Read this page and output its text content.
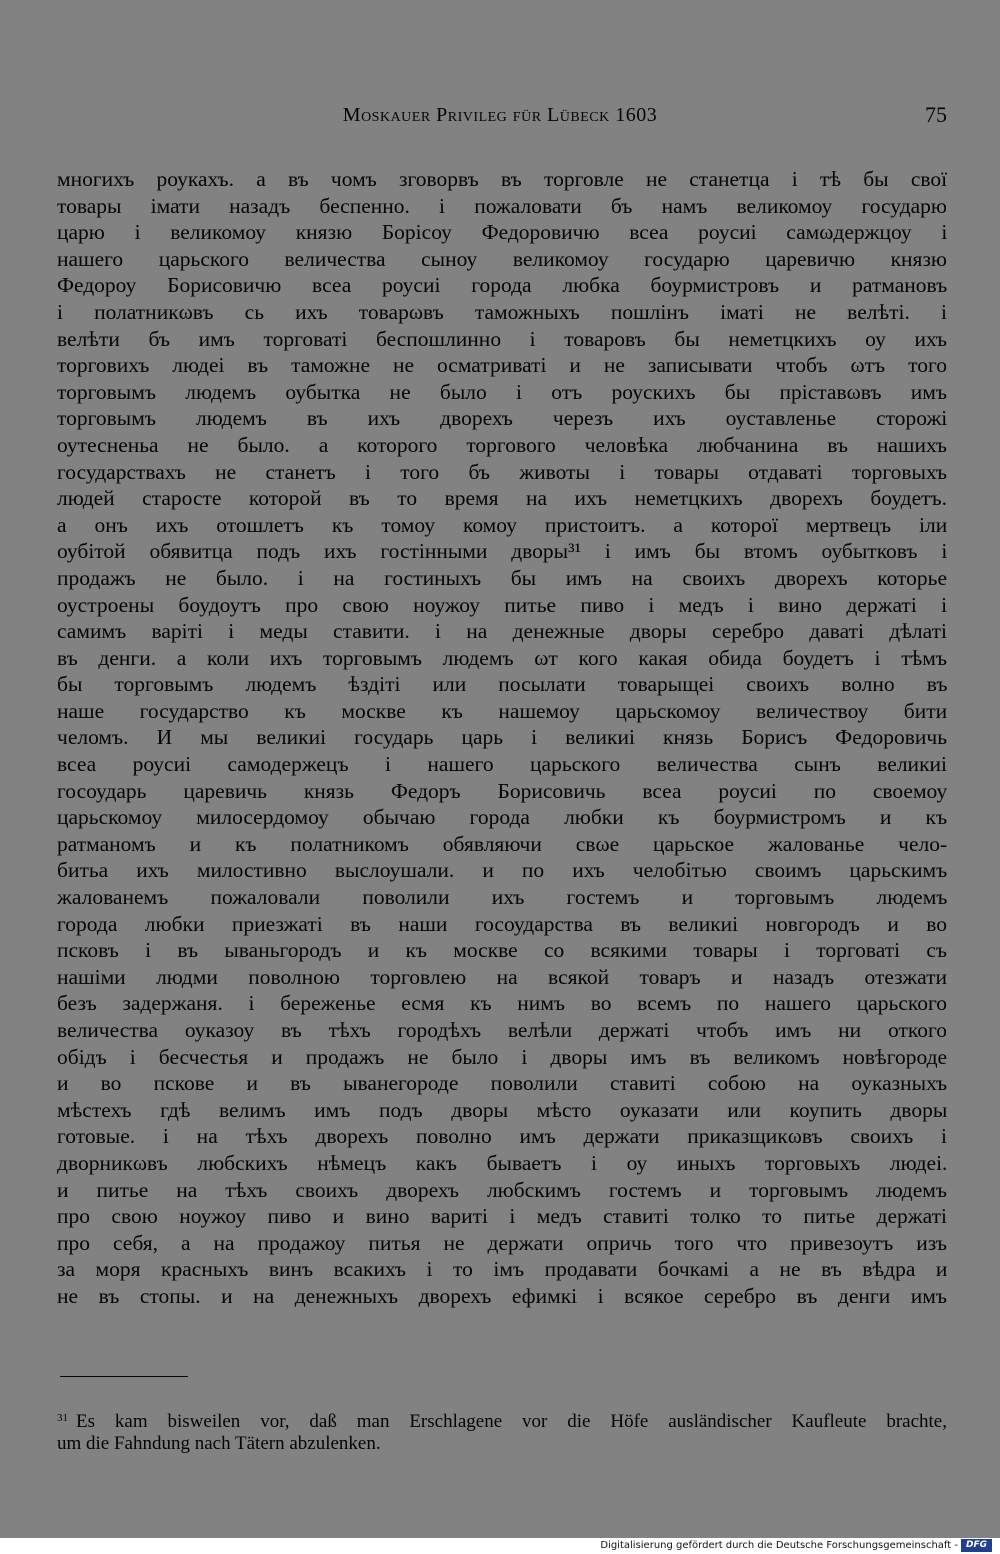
Moskauer Privileg für Lübeck 1603	75
многихъ роукахъ. а въ чомъ зговорвъ въ торговле не станетца і тѣ бы свої
товары імати назадъ беспенно. і пожаловати бъ намъ великомоу государю
царю і великомоу князю Борісоу Федоровичю всеа роусиі самωдержцоу і
нашего царьского величества сыноу великомоу государю царевичю князю
Федороу Борисовичю всеа роусиі города любка боурмистровъ и ратмановъ
і полатникωвъ сь ихъ товарωвъ таможныхъ пошлінъ іматі не велѣті. і
велѣти бъ имъ торговаті беспошлинно і товаровъ бы неметцкихъ оу ихъ
торговихъ людеі въ таможне не осматриваті и не записывати чтобъ ωтъ того
торговымъ людемъ оубытка не было і отъ роускихъ бы прiставωвъ имъ
торговымъ людемъ въ ихъ дворехъ черезъ ихъ оуставленье сторожі
оутесненьа не было. а которого торгового человѣка любчанина въ нашихъ
государствахъ не станетъ і того бъ животы і товары отдаваті торговыхъ
людей старосте которой въ то время на ихъ неметцкихъ дворехъ боудетъ.
а онъ ихъ отошлетъ къ томоу комоу пристоитъ. а которої мертвецъ іли
оубітой обявитца подъ ихъ гостінными дворы³¹ і имъ бы втомъ оубытковъ і
продажъ не было. і на гостиныхъ бы имъ на своихъ дворехъ которье
оустроены боудоутъ про свою ноужоу питье пиво і медъ і вино держаті і
самимъ варіті і меды ставити. і на денежные дворы серебро даваті дѣлаті
въ денги. а коли ихъ торговымъ людемъ ωт кого какая обида боудетъ і тѣмъ
бы торговымъ людемъ ѣздіті или посылати товарыщеі своихъ волно въ
наше государство къ москве къ нашемоу царьскомоу величествоу бити
челомъ. И мы великиі государь царь і великиі князь Борисъ Федоровичь
всеа роусиі самодержецъ і нашего царьского величества сынъ великиі
госоударь царевичь князь Федоръ Борисовичь всеа роусиі по своемоу
царьскомоу милосердомоу обычаю города любки къ боурмистромъ и къ
ратманомъ и къ полатникомъ обявляючи свωе царьское жалованье чело-
битьа ихъ милостивно выслоушали. и по ихъ челобітью своимъ царьскимъ
жалованемъ пожаловали поволили ихъ гостемъ и торговымъ людемъ
города любки приезжаті въ наши госоударства въ великиі новгородъ и во
псковъ і въ ываньгородъ и къ москве со всякими товары і торговаті съ
нашіми людми поволною торговлею на всякой товаръ и назадъ отезжати
безъ задержаня. і береженье есмя къ нимъ во всемъ по нашего царьского
величества оуказоу въ тѣхъ городѣхъ велѣли держаті чтобъ имъ ни откого
обідъ і бесчестья и продажъ не было і дворы имъ въ великомъ новѣгороде
и во пскове и въ ыванегороде поволили ставиті собою на оуказныхъ
мѣстехъ гдѣ велимъ имъ подъ дворы мѣсто оуказати или коупить дворы
готовые. і на тѣхъ дворехъ поволно имъ держати приказщикωвъ своихъ і
дворникωвъ любскихъ нѣмецъ какъ бываетъ і оу иныхъ торговыхъ людеі.
и питье на тѣхъ своихъ дворехъ любскимъ гостемъ и торговымъ людемъ
про свою ноужоу пиво и вино вариті і медъ ставиті толко то питье держаті
про себя, а на продажоу питья не держати опричь того что привезоутъ изъ
за моря красныхъ винъ всакихъ і то імъ продавати бочкамі а не въ вѣдра и
не въ стопы. и на денежныхъ дворехъ ефимкі і всякое серебро въ денги имъ
$^{31}$ Es kam bisweilen vor, daß man Erschlagene vor die Höfe ausländischer Kaufleute brachte,
um die Fahndung nach Tätern abzulenken.
Digitalisierung gefördert durch die Deutsche Forschungsgemeinschaft - DFG
